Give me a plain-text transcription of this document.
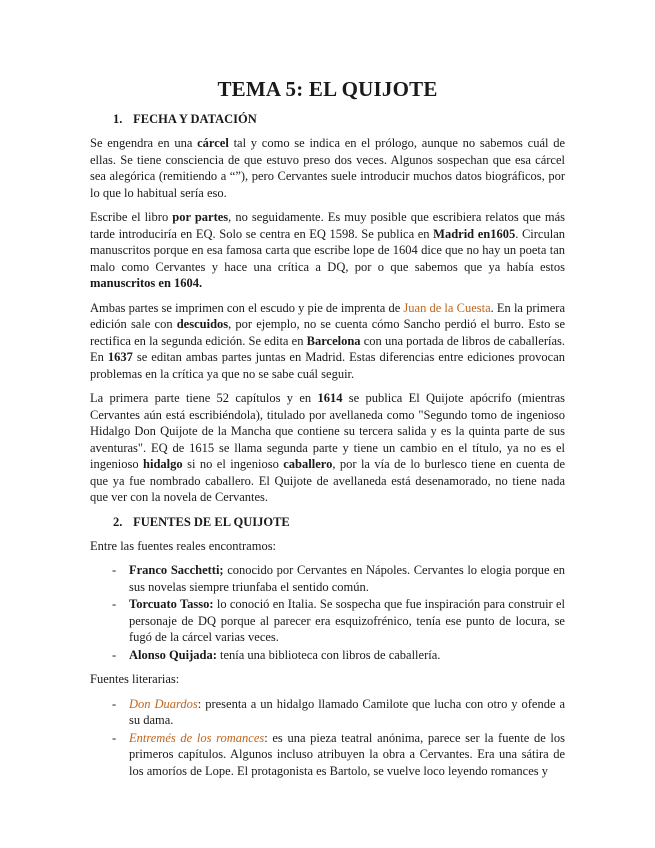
TEMA 5: EL QUIJOTE
1. FECHA Y DATACIÓN

Se engendra en una cárcel tal y como se indica en el prólogo, aunque no sabemos cuál de ellas. Se tiene consciencia de que estuvo preso dos veces. Algunos sospechan que esa cárcel sea alegórica (remitiendo a “”), pero Cervantes suele introducir muchos datos biográficos, por lo que lo habitual sería eso.

Escribe el libro por partes, no seguidamente. Es muy posible que escribiera relatos que más tarde introduciría en EQ. Solo se centra en EQ 1598. Se publica en Madrid en1605. Circulan manuscritos porque en esa famosa carta que escribe lope de 1604 dice que no hay un poeta tan malo como Cervantes y hace una crítica a DQ, por o que sabemos que ya había estos manuscritos en 1604.

Ambas partes se imprimen con el escudo y pie de imprenta de Juan de la Cuesta. En la primera edición sale con descuidos, por ejemplo, no se cuenta cómo Sancho perdió el burro. Esto se rectifica en la segunda edición. Se edita en Barcelona con una portada de libros de caballerías. En 1637 se editan ambas partes juntas en Madrid. Estas diferencias entre ediciones provocan problemas en la crítica ya que no se sabe cuál seguir.

La primera parte tiene 52 capítulos y en 1614 se publica El Quijote apócrifo (mientras Cervantes aún está escribiéndola), titulado por avellaneda como "Segundo tomo de ingenioso Hidalgo Don Quijote de la Mancha que contiene su tercera salida y es la quinta parte de sus aventuras". EQ de 1615 se llama segunda parte y tiene un cambio en el título, ya no es el ingenioso hidalgo si no el ingenioso caballero, por la vía de lo burlesco tiene en cuenta de que ya fue nombrado caballero. El Quijote de avellaneda está desenamorado, no tiene nada que ver con la novela de Cervantes.

2. FUENTES DE EL QUIJOTE

Entre las fuentes reales encontramos:

- Franco Sacchetti; conocido por Cervantes en Nápoles. Cervantes lo elogia porque en sus novelas siempre triunfaba el sentido común.
- Torcuato Tasso: lo conoció en Italia. Se sospecha que fue inspiración para construir el personaje de DQ porque al parecer era esquizofrénico, tenía ese punto de locura, se fugó de la cárcel varias veces.
- Alonso Quijada: tenía una biblioteca con libros de caballería.

Fuentes literarias:

- Don Duardos: presenta a un hidalgo llamado Camilote que lucha con otro y ofende a su dama.
- Entremés de los romances: es una pieza teatral anónima, parece ser la fuente de los primeros capítulos. Algunos incluso atribuyen la obra a Cervantes. Era una sátira de los amoríos de Lope. El protagonista es Bartolo, se vuelve loco leyendo romances y
